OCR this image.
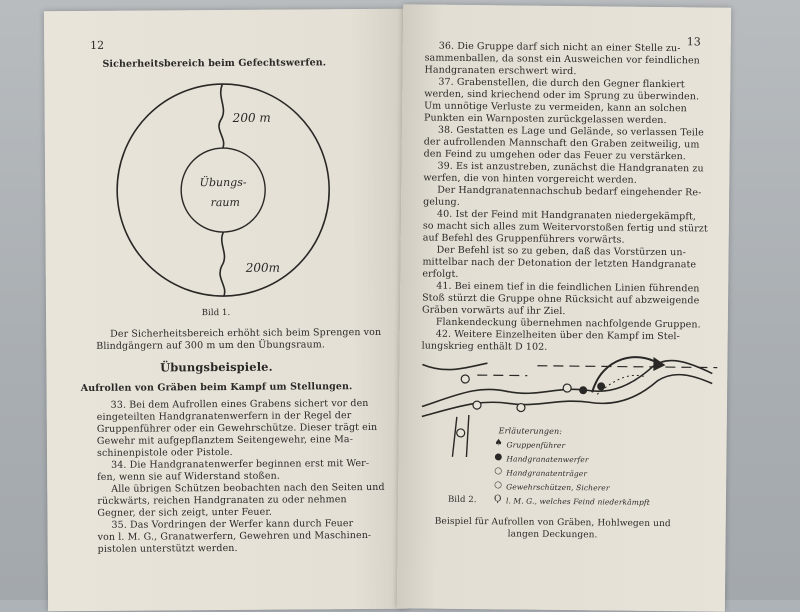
12
Sicherheitsbereich beim Gefechtswerfen.
200 m
200m
Übungs-
raum
Bild 1.
Der Sicherheitsbereich erhöht sich beim Sprengen von
Blindgängern auf 300 m um den Übungsraum.
Übungsbeispiele.
Aufrollen von Gräben beim Kampf um Stellungen.
33. Bei dem Aufrollen eines Grabens sichert vor den
eingeteilten Handgranatenwerfern in der Regel der
Gruppenführer oder ein Gewehrschütze. Dieser trägt ein
Gewehr mit aufgepflanztem Seitengewehr, eine Ma-
schinenpistole oder Pistole.
34. Die Handgranatenwerfer beginnen erst mit Wer-
fen, wenn sie auf Widerstand stoßen.
Alle übrigen Schützen beobachten nach den Seiten und
rückwärts, reichen Handgranaten zu oder nehmen
Gegner, der sich zeigt, unter Feuer.
35. Das Vordringen der Werfer kann durch Feuer
von l. M. G., Granatwerfern, Gewehren und Maschinen-
pistolen unterstützt werden.
13
36. Die Gruppe darf sich nicht an einer Stelle zu-
sammenballen, da sonst ein Ausweichen vor feindlichen
Handgranaten erschwert wird.
37. Grabenstellen, die durch den Gegner flankiert
werden, sind kriechend oder im Sprung zu überwinden.
Um unnötige Verluste zu vermeiden, kann an solchen
Punkten ein Warnposten zurückgelassen werden.
38. Gestatten es Lage und Gelände, so verlassen Teile
der aufrollenden Mannschaft den Graben zeitweilig, um
den Feind zu umgehen oder das Feuer zu verstärken.
39. Es ist anzustreben, zunächst die Handgranaten zu
werfen, die von hinten vorgereicht werden.
Der Handgranatennachschub bedarf eingehender Re-
gelung.
40. Ist der Feind mit Handgranaten niedergekämpft,
so macht sich alles zum Weitervorstoßen fertig und stürzt
auf Befehl des Gruppenführers vorwärts.
Der Befehl ist so zu geben, daß das Vorstürzen un-
mittelbar nach der Detonation der letzten Handgranate
erfolgt.
41. Bei einem tief in die feindlichen Linien führenden
Stoß stürzt die Gruppe ohne Rücksicht auf abzweigende
Gräben vorwärts auf ihr Ziel.
Flankendeckung übernehmen nachfolgende Gruppen.
42. Weitere Einzelheiten über den Kampf im Stel-
lungskrieg enthält D 102.
Erläuterungen:
♠ Gruppenführer
● Handgranatenwerfer
○ Handgranatenträger
○ Gewehrschützen, Sicherer
Ϙ l. M. G., welches Feind niederkämpft
Bild 2.
Beispiel für Aufrollen von Gräben, Hohlwegen und
langen Deckungen.
